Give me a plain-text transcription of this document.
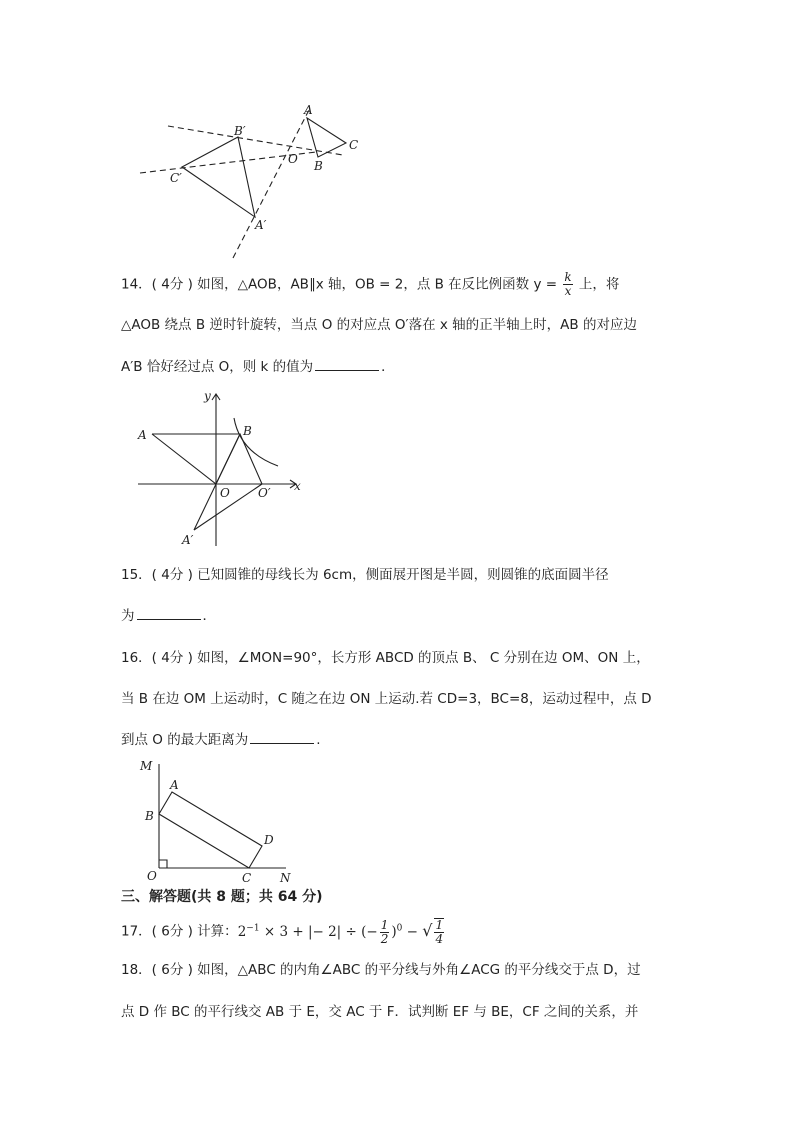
A
C
B
O
B′
C′
A′
14．( 4分 ) 如图，△AOB，AB∥x 轴，OB = 2，点 B 在反比例函数 $y = \frac{k}{x}$ 上，将
△AOB 绕点 B 逆时针旋转，当点 O 的对应点 O′落在 x 轴的正半轴上时，AB 的对应边
A′B 恰好经过点 O，则 k 的值为	．
y
x
A	B
O O′
A′
15．( 4分 ) 已知圆锥的母线长为 6cm，侧面展开图是半圆，则圆锥的底面圆半径
为	．
16．( 4分 ) 如图，∠MON=90°，长方形 ABCD 的顶点 B、 C 分别在边 OM、ON 上，
当 B 在边 OM 上运动时，C 随之在边 ON 上运动.若 CD=3，BC=8，运动过程中，点 D
到点 O 的最大距离为	.
M
A
B
D
O	C N
三、解答题(共 8 题；共 64 分)
17．( 6分 ) 计算：$2^{-1} \times 3$ + |− 2| ÷ (− $\frac{1}{2} )^0$ − √ $\frac{1}{4}$
18．( 6分 ) 如图，△ABC 的内角∠ABC 的平分线与外角∠ACG 的平分线交于点 D，过
点 D 作 BC 的平行线交 AB 于 E，交 AC 于 F．试判断 EF 与 BE，CF 之间的关系，并
